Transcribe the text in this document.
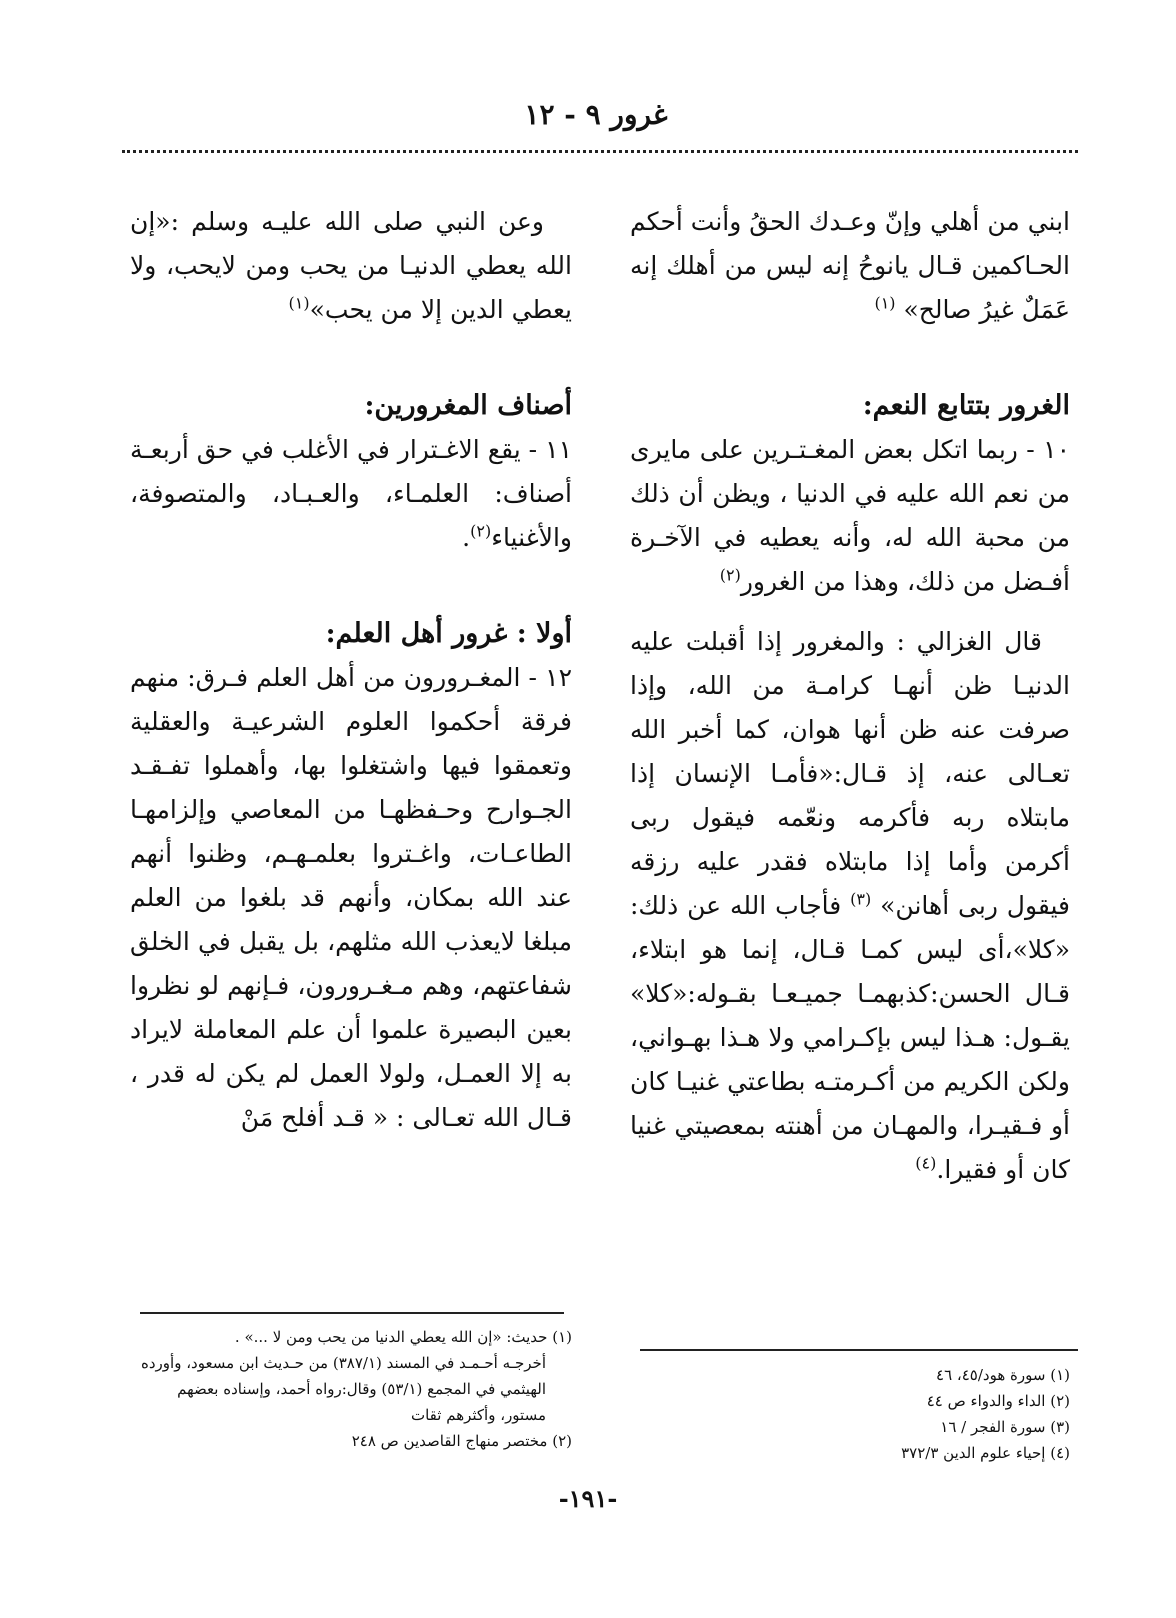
غرور ٩ - ١٢

ابني من أهلي وإنّ وعـدك الحقُ وأنت أحكم الحـاكمين قـال يانوحُ إنه ليس من أهلك إنه عَمَلٌ غيرُ صالح» $^{(١)}$

الغرور بتتابع النعم:

١٠ - ربما اتكل بعض المغـتـرين على مايرى من نعم الله عليه في الدنيا ، ويظن أن ذلك من محبة الله له، وأنه يعطيه في الآخـرة أفـضل من ذلك، وهذا من الغرور$^{(٢)}$

قال الغزالي : والمغرور إذا أقبلت عليه الدنيـا ظن أنهـا كرامـة من الله، وإذا صرفت عنه ظن أنها هوان، كما أخبر الله تعـالى عنه، إذ قـال:«فأمـا الإنسان إذا مابتلاه ربه فأكرمه ونعّمه فيقول ربى أكرمن وأما إذا مابتلاه فقدر عليه رزقه فيقول ربى أهانن» $^{(٣)}$ فأجاب الله عن ذلك: «كلا»،أى ليس كمـا قـال، إنما هو ابتلاء، قـال الحسن:كذبهمـا جميـعـا بقـوله:«كلا» يقـول: هـذا ليس بإكـرامي ولا هـذا بهـواني، ولكن الكريم من أكـرمتـه بطاعتي غنيـا كان أو فـقيـرا، والمهـان من أهنته بمعصيتي غنيا كان أو فقيرا.$^{(٤)}$

وعن النبي صلى الله عليـه وسلم :«إن الله يعطي الدنيـا من يحب ومن لايحب، ولا يعطي الدين إلا من يحب»$^{(١)}$

أصناف المغرورين:

١١ - يقع الاغـترار في الأغلب في حق أربعـة أصناف: العلمـاء، والعـبـاد، والمتصوفة، والأغنياء$^{(٢)}$.

أولا : غرور أهل العلم:

١٢ - المغـرورون من أهل العلم فـرق: منهم فرقة أحكموا العلوم الشرعيـة والعقلية وتعمقوا فيها واشتغلوا بها، وأهملوا تفـقـد الجـوارح وحـفظهـا من المعاصي وإلزامهـا الطاعـات، واغـتروا بعلمـهـم، وظنوا أنهم عند الله بمكان، وأنهم قد بلغوا من العلم مبلغا لايعذب الله مثلهم، بل يقبل في الخلق شفاعتهم، وهم مـغـرورون، فـإنهم لو نظروا بعين البصيرة علموا أن علم المعاملة لايراد به إلا العمـل، ولولا العمل لم يكن له قدر ، قـال الله تعـالى : « قـد أفلح مَنْ

(١) سورة هود/٤٥، ٤٦
(٢) الداء والدواء ص ٤٤
(٣) سورة الفجر / ١٦
(٤) إحياء علوم الدين ٣٧٢/٣
(١) حديث: «إن الله يعطي الدنيا من يحب ومن لا ...» .
أخرجـه أحـمـد في المسند (٣٨٧/١) من حـديث ابن مسعود، وأورده الهيثمي في المجمع (٥٣/١) وقال:رواه أحمد، وإسناده بعضهم مستور، وأكثرهم ثقات
(٢) مختصر منهاج القاصدين ص ٢٤٨
-١٩١-
